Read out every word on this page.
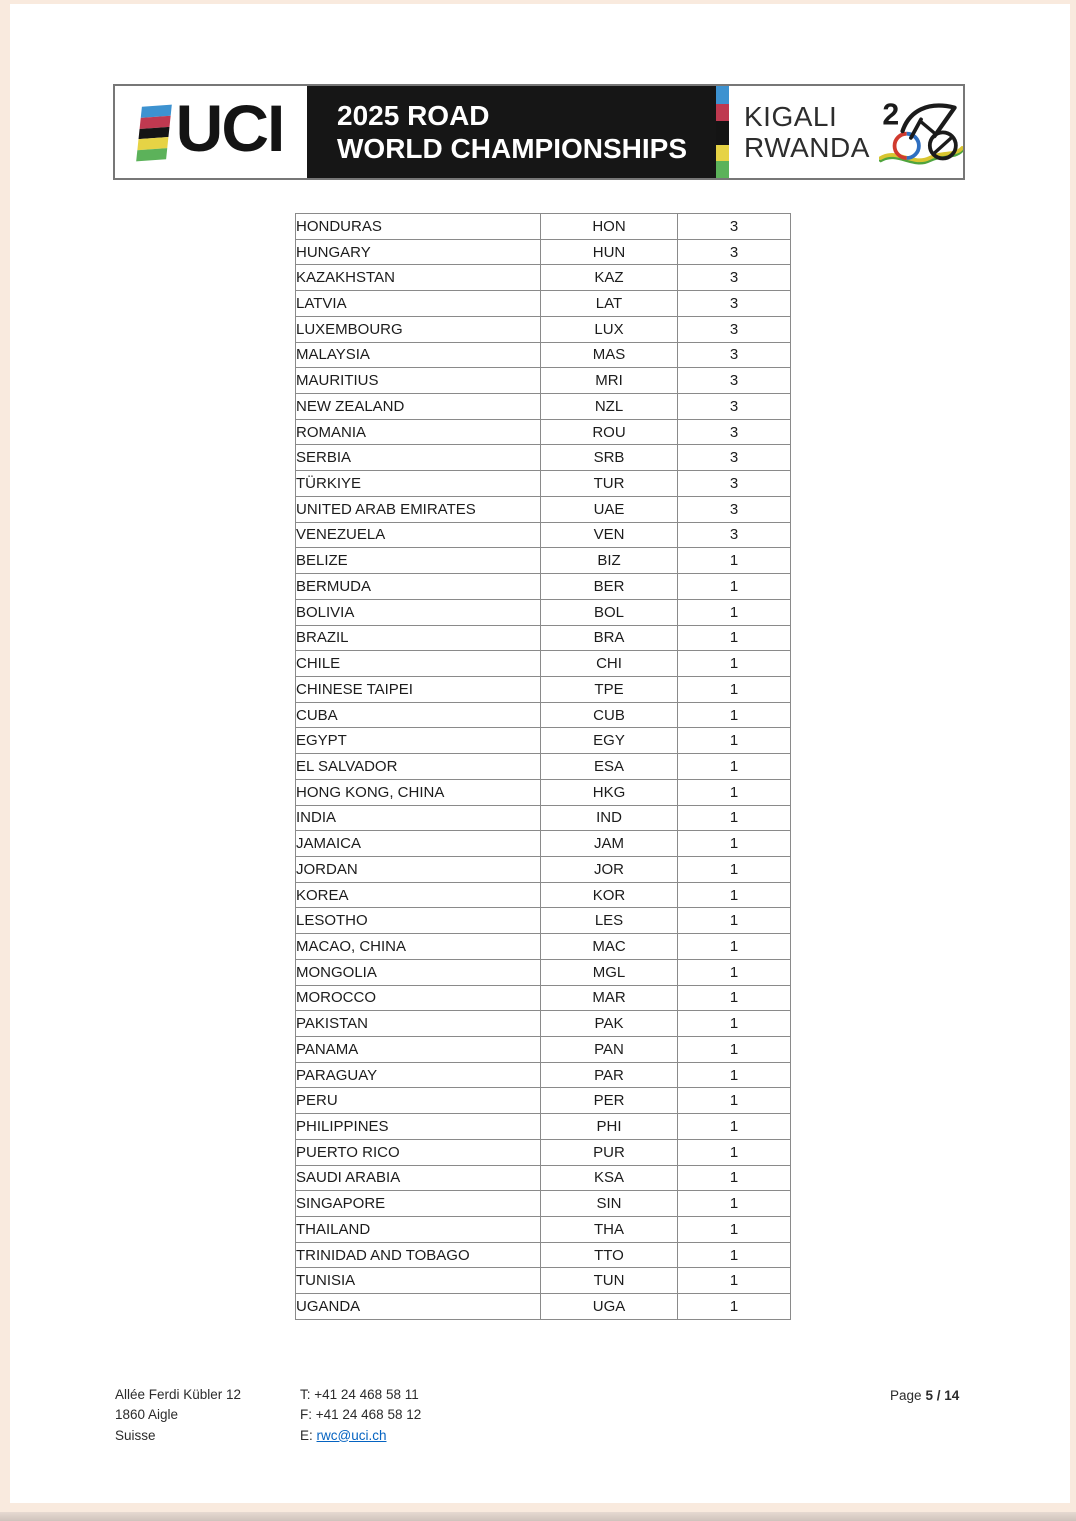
UCI 2025 ROAD
WORLD CHAMPIONSHIPS
KIGALI
RWANDA
2
HONDURAS	HON	3
HUNGARY	HUN	3
KAZAKHSTAN	KAZ	3
LATVIA	LAT	3
LUXEMBOURG	LUX	3
MALAYSIA	MAS	3
MAURITIUS	MRI	3
NEW ZEALAND	NZL	3
ROMANIA	ROU	3
SERBIA	SRB	3
TÜRKIYE	TUR	3
UNITED ARAB EMIRATES	UAE	3
VENEZUELA	VEN	3
BELIZE	BIZ	1
BERMUDA	BER	1
BOLIVIA	BOL	1
BRAZIL	BRA	1
CHILE	CHI	1
CHINESE TAIPEI	TPE	1
CUBA	CUB	1
EGYPT	EGY	1
EL SALVADOR	ESA	1
HONG KONG, CHINA	HKG	1
INDIA	IND	1
JAMAICA	JAM	1
JORDAN	JOR	1
KOREA	KOR	1
LESOTHO	LES	1
MACAO, CHINA	MAC	1
MONGOLIA	MGL	1
MOROCCO	MAR	1
PAKISTAN	PAK	1
PANAMA	PAN	1
PARAGUAY	PAR	1
PERU	PER	1
PHILIPPINES	PHI	1
PUERTO RICO	PUR	1
SAUDI ARABIA	KSA	1
SINGAPORE	SIN	1
THAILAND	THA	1
TRINIDAD AND TOBAGO	TTO	1
TUNISIA	TUN	1
UGANDA	UGA	1
Allée Ferdi Kübler 12
1860 Aigle
Suisse
T: +41 24 468 58 11
F: +41 24 468 58 12
E: rwc@uci.ch
Page 5 / 14
